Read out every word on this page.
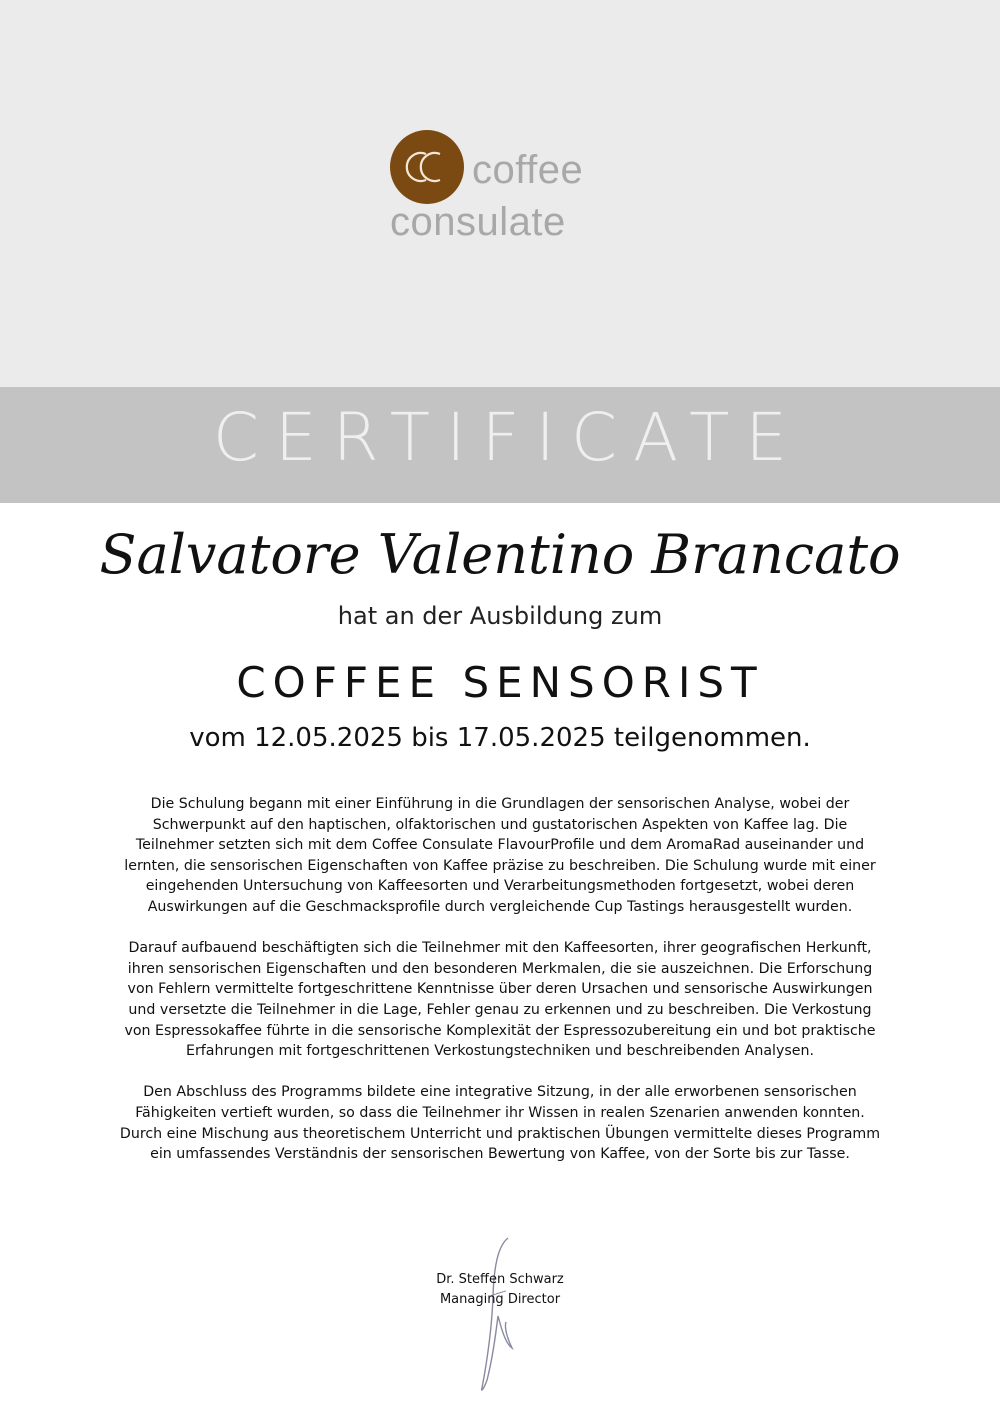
coffee
consulate
CERTIFICATE
Salvatore Valentino Brancato
hat an der Ausbildung zum
COFFEE SENSORIST
vom 12.05.2025 bis 17.05.2025 teilgenommen.

Die Schulung begann mit einer Einführung in die Grundlagen der sensorischen Analyse, wobei der Schwerpunkt auf den haptischen, olfaktorischen und gustatorischen Aspekten von Kaffee lag. Die Teilnehmer setzten sich mit dem Coffee Consulate FlavourProfile und dem AromaRad auseinander und lernten, die sensorischen Eigenschaften von Kaffee präzise zu beschreiben. Die Schulung wurde mit einer eingehenden Untersuchung von Kaffeesorten und Verarbeitungsmethoden fortgesetzt, wobei deren Auswirkungen auf die Geschmacksprofile durch vergleichende Cup Tastings herausgestellt wurden.

Darauf aufbauend beschäftigten sich die Teilnehmer mit den Kaffeesorten, ihrer geografischen Herkunft, ihren sensorischen Eigenschaften und den besonderen Merkmalen, die sie auszeichnen. Die Erforschung von Fehlern vermittelte fortgeschrittene Kenntnisse über deren Ursachen und sensorische Auswirkungen und versetzte die Teilnehmer in die Lage, Fehler genau zu erkennen und zu beschreiben. Die Verkostung von Espressokaffee führte in die sensorische Komplexität der Espressozubereitung ein und bot praktische Erfahrungen mit fortgeschrittenen Verkostungstechniken und beschreibenden Analysen.

Den Abschluss des Programms bildete eine integrative Sitzung, in der alle erworbenen sensorischen Fähigkeiten vertieft wurden, so dass die Teilnehmer ihr Wissen in realen Szenarien anwenden konnten. Durch eine Mischung aus theoretischem Unterricht und praktischen Übungen vermittelte dieses Programm ein umfassendes Verständnis der sensorischen Bewertung von Kaffee, von der Sorte bis zur Tasse.

Dr. Steffen Schwarz
Managing Director
